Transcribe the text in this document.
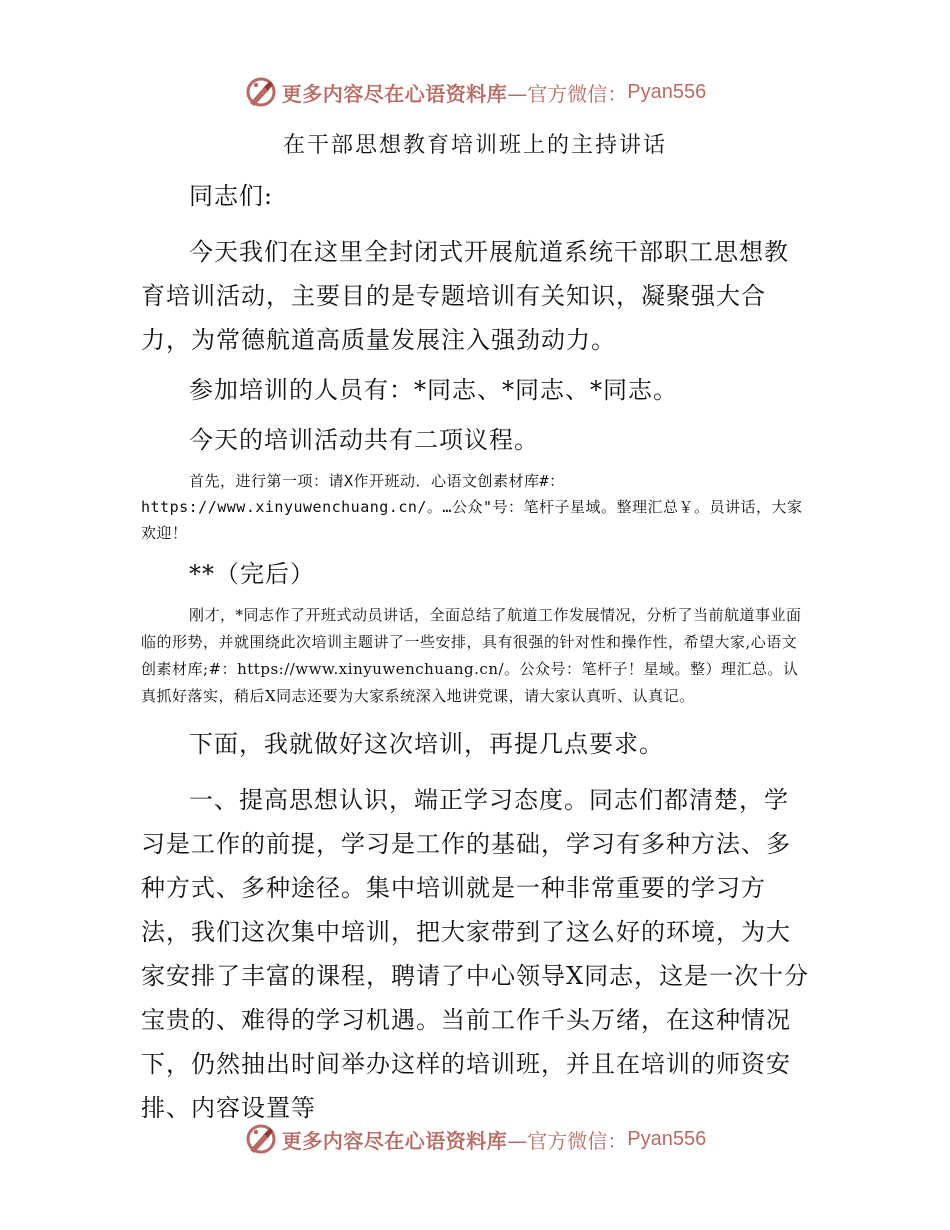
更多内容尽在心语资料库 —官方微信： Pyan556
在干部思想教育培训班上的主持讲话

同志们:

今天我们在这里全封闭式开展航道系统干部职工思想教育培训活动，主要目的是专题培训有关知识，凝聚强大合力，为常德航道高质量发展注入强劲动力。

参加培训的人员有：*同志、*同志、*同志。

今天的培训活动共有二项议程。

首先，进行第一项：请X作开班动．心语文创素材库#：https://www.xinyuwenchuang.cn/。…公众"号：笔杆子星域。整理汇总￥。员讲话，大家欢迎！

**（完后）

刚才，*同志作了开班式动员讲话，全面总结了航道工作发展情况，分析了当前航道事业面临的形势，并就围绕此次培训主题讲了一些安排，具有很强的针对性和操作性，希望大家,心语文创素材库;#：https://www.xinyuwenchuang.cn/。公众号：笔杆子！星域。整）理汇总。认真抓好落实，稍后X同志还要为大家系统深入地讲党课，请大家认真听、认真记。

下面，我就做好这次培训，再提几点要求。

一、提高思想认识，端正学习态度。同志们都清楚，学习是工作的前提，学习是工作的基础，学习有多种方法、多种方式、多种途径。集中培训就是一种非常重要的学习方法，我们这次集中培训，把大家带到了这么好的环境，为大家安排了丰富的课程，聘请了中心领导X同志，这是一次十分宝贵的、难得的学习机遇。当前工作千头万绪，在这种情况下，仍然抽出时间举办这样的培训班，并且在培训的师资安排、内容设置等

更多内容尽在心语资料库 —官方微信： Pyan556
